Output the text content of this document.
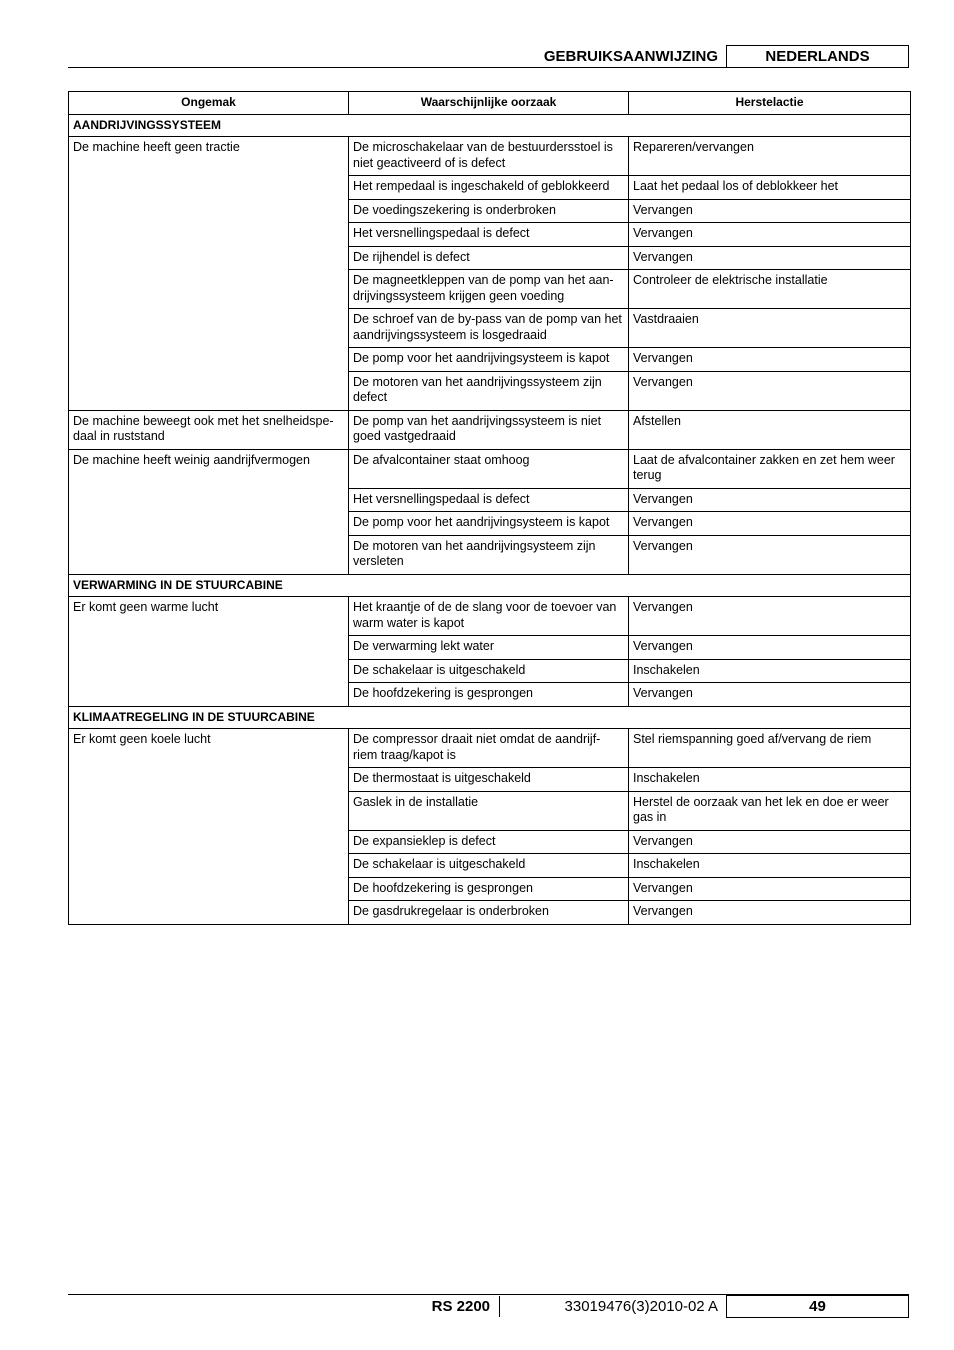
GEBRUIKSAANWIJZING	NEDERLANDS
Ongemak	Waarschijnlijke oorzaak	Herstelactie
AANDRIJVINGSSYSTEEM		
De machine heeft geen tractie	De microschakelaar van de bestuurdersstoel is niet geactiveerd of is defect	Repareren/vervangen
	Het rempedaal is ingeschakeld of geblokkeerd	Laat het pedaal los of deblokkeer het
	De voedingszekering is onderbroken	Vervangen
	Het versnellingspedaal is defect	Vervangen
	De rijhendel is defect	Vervangen
	De magneetkleppen van de pomp van het aan-drijvingssysteem krijgen geen voeding	Controleer de elektrische installatie
	De schroef van de by-pass van de pomp van het aandrijvingssysteem is losgedraaid	Vastdraaien
	De pomp voor het aandrijvingsysteem is kapot	Vervangen
	De motoren van het aandrijvingssysteem zijn defect	Vervangen
De machine beweegt ook met het snelheidspe-daal in ruststand	De pomp van het aandrijvingssysteem is niet goed vastgedraaid	Afstellen
De machine heeft weinig aandrijfvermogen	De afvalcontainer staat omhoog	Laat de afvalcontainer zakken en zet hem weer terug
	Het versnellingspedaal is defect	Vervangen
	De pomp voor het aandrijvingsysteem is kapot	Vervangen
	De motoren van het aandrijvingsysteem zijn versleten	Vervangen
VERWARMING IN DE STUURCABINE		
Er komt geen warme lucht	Het kraantje of de de slang voor de toevoer van warm water is kapot	Vervangen
	De verwarming lekt water	Vervangen
	De schakelaar is uitgeschakeld	Inschakelen
	De hoofdzekering is gesprongen	Vervangen
KLIMAATREGELING IN DE STUURCABINE		
Er komt geen koele lucht	De compressor draait niet omdat de aandrijf-riem traag/kapot is	Stel riemspanning goed af/vervang de riem
	De thermostaat is uitgeschakeld	Inschakelen
	Gaslek in de installatie	Herstel de oorzaak van het lek en doe er weer gas in
	De expansieklep is defect	Vervangen
	De schakelaar is uitgeschakeld	Inschakelen
	De hoofdzekering is gesprongen	Vervangen
	De gasdrukregelaar is onderbroken	Vervangen
RS 2200	33019476(3)2010-02 A	49
